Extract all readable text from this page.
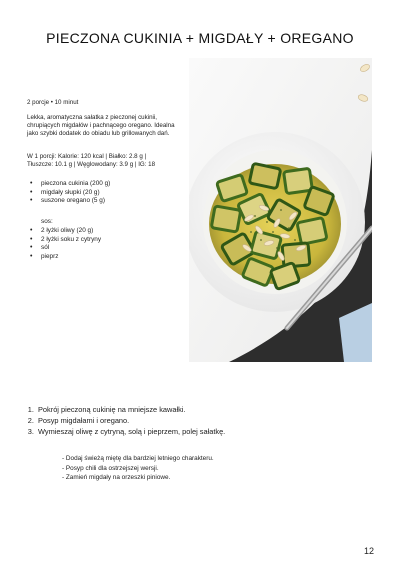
PIECZONA CUKINIA + MIGDAŁY + OREGANO
2 porcje • 10 minut

Lekka, aromatyczna sałatka z pieczonej cukinii, chrupiących migdałów i pachnącego oregano. Idealna jako szybki dodatek do obiadu lub grillowanych dań.

W 1 porcji: Kalorie: 120 kcal | Białko: 2.8 g |

Tłuszcze: 10.1 g | Węglowodany: 3.9 g | IG: 18

• pieczona cukinia (200 g)
• migdały słupki (20 g)
• suszone oregano (5 g)
sos:
• 2 łyżki oliwy (20 g)
• 2 łyżki soku z cytryny
• sól
• pieprz
1. Pokrój pieczoną cukinię na mniejsze kawałki.
2. Posyp migdałami i oregano.
3. Wymieszaj oliwę z cytryną, solą i pieprzem, polej sałatkę.
- Dodaj świeżą miętę dla bardziej letniego charakteru.
- Posyp chili dla ostrzejszej wersji.
- Zamień migdały na orzeszki piniowe.
12
